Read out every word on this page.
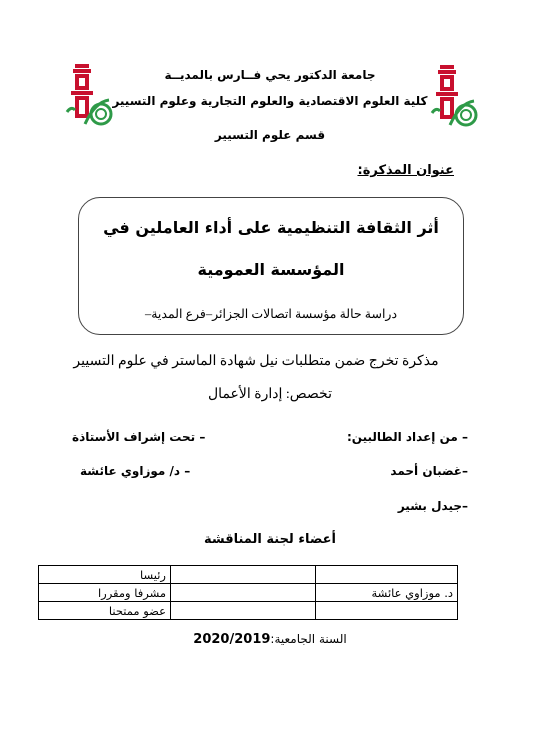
جامعة الدكتور يحي فــارس بالمديــة
كلية العلوم الاقتصادية والعلوم التجارية وعلوم التسيير
قسم علوم التسيير
عنوان المذكرة:
أثر الثقافة التنظيمية على أداء العاملين في
المؤسسة العمومية
دراسة حالة مؤسسة اتصالات الجزائر–فرع المدية–
مذكرة تخرج ضمن متطلبات نيل شهادة الماستر في علوم التسيير
تخصص: إدارة الأعمال
– من إعداد الطالبين:
–غضبان أحمد
–جيدل بشير
– تحت إشراف الأستاذة
– د/ موزاوي عائشة
أعضاء لجنة المناقشة
		رئيسا
د. موزاوي عائشة		مشرفا ومقررا
		عضو ممتحنا
السنة الجامعية:2020/2019
